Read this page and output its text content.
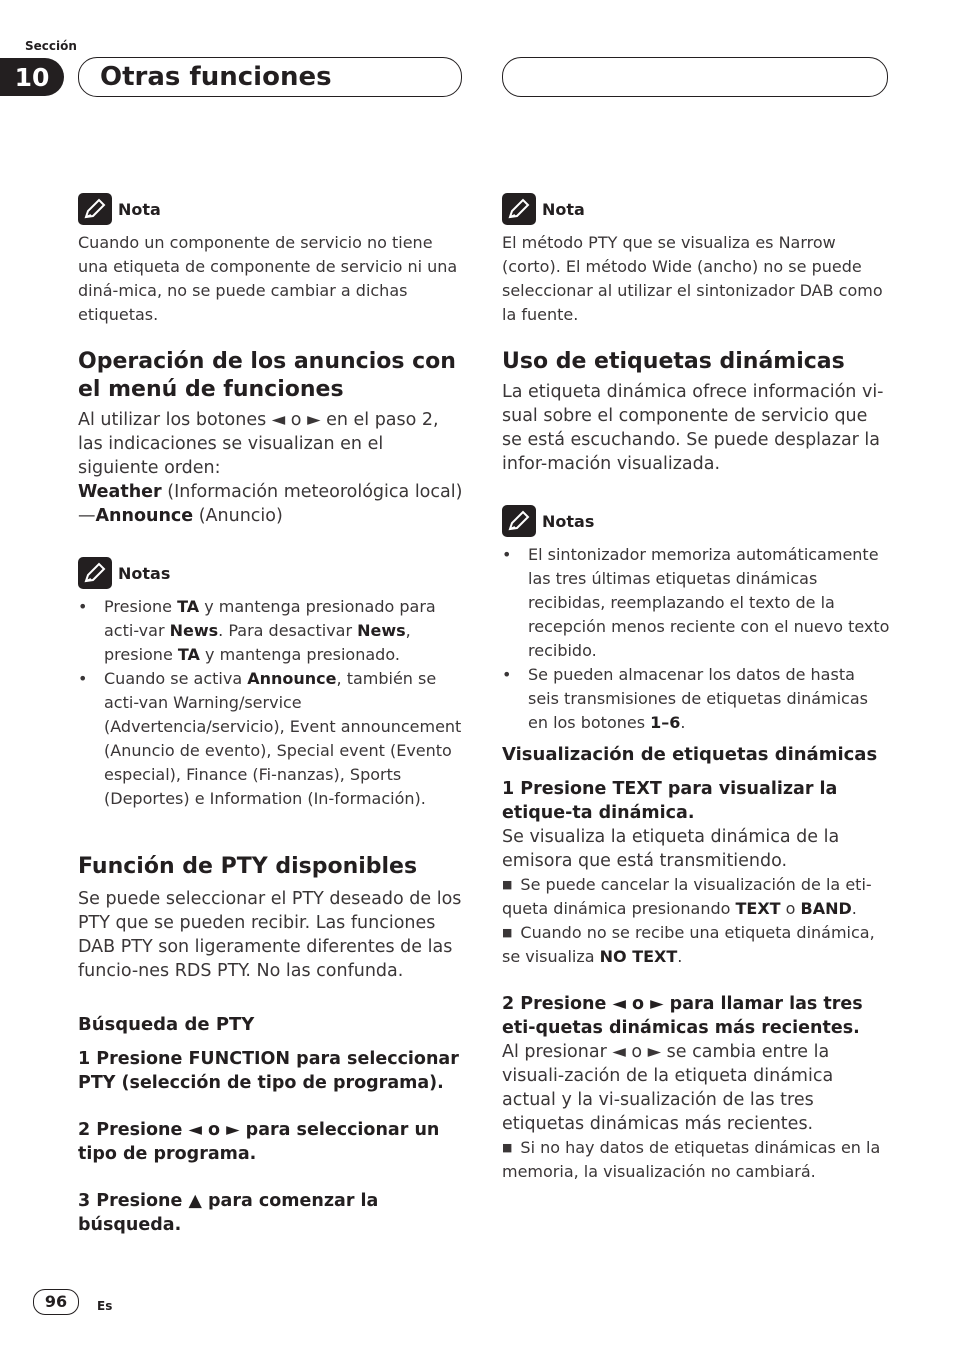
Sección
10	Otras funciones
Nota
Cuando un componente de servicio no tiene una etiqueta de componente de servicio ni una diná-mica, no se puede cambiar a dichas etiquetas.
Operación de los anuncios con el menú de funciones
Al utilizar los botones ◄ o ► en el paso 2, las indicaciones se visualizan en el siguiente orden:
Weather (Información meteorológica local)
—Announce (Anuncio)
Notas
• Presione TA y mantenga presionado para acti-var News. Para desactivar News, presione TA y mantenga presionado.
• Cuando se activa Announce, también se acti-van Warning/service (Advertencia/servicio), Event announcement (Anuncio de evento), Special event (Evento especial), Finance (Fi-nanzas), Sports (Deportes) e Information (In-formación).
Función de PTY disponibles
Se puede seleccionar el PTY deseado de los PTY que se pueden recibir. Las funciones DAB PTY son ligeramente diferentes de las funcio-nes RDS PTY. No las confunda.
Búsqueda de PTY
1 Presione FUNCTION para seleccionar PTY (selección de tipo de programa).
2 Presione ◄ o ► para seleccionar un tipo de programa.
3 Presione ▲ para comenzar la búsqueda.
Nota
El método PTY que se visualiza es Narrow (corto). El método Wide (ancho) no se puede seleccionar al utilizar el sintonizador DAB como la fuente.
Uso de etiquetas dinámicas
La etiqueta dinámica ofrece información vi-sual sobre el componente de servicio que se está escuchando. Se puede desplazar la infor-mación visualizada.
Notas
• El sintonizador memoriza automáticamente las tres últimas etiquetas dinámicas recibidas, reemplazando el texto de la recepción menos reciente con el nuevo texto recibido.
• Se pueden almacenar los datos de hasta seis transmisiones de etiquetas dinámicas en los botones 1–6.
Visualización de etiquetas dinámicas
1 Presione TEXT para visualizar la etique-ta dinámica.
Se visualiza la etiqueta dinámica de la emisora que está transmitiendo.
■ Se puede cancelar la visualización de la eti-queta dinámica presionando TEXT o BAND.
■ Cuando no se recibe una etiqueta dinámica, se visualiza NO TEXT.
2 Presione ◄ o ► para llamar las tres eti-quetas dinámicas más recientes.
Al presionar ◄ o ► se cambia entre la visuali-zación de la etiqueta dinámica actual y la vi-sualización de las tres etiquetas dinámicas más recientes.
■ Si no hay datos de etiquetas dinámicas en la memoria, la visualización no cambiará.
96	Es
